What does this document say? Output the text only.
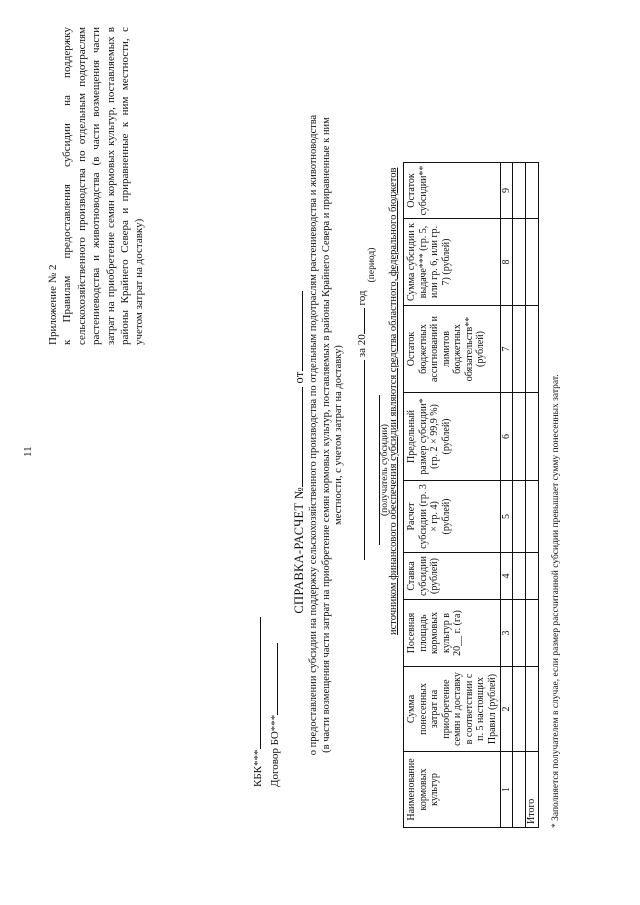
11

Приложение № 2 к Правилам предоставления субсидии на поддержку сельскохозяйственного производства по отдельным подотраслям растениеводства и животноводства (в части возмещения части затрат на приобретение семян кормовых культур, поставляемых в районы Крайнего Севера и приравненные к ним местности, с учетом затрат на доставку)

КБК*** Договор БО***
СПРАВКА-РАСЧЕТ № от о предоставлении субсидии на поддержку сельскохозяйственного производства по отдельным подотраслям растениеводства и животноводства (в части возмещения части затрат на приобретение семян кормовых культур, поставляемых в районы Крайнего Севера и приравненные к ним местности, с учетом затрат на доставку) за 20 год
(получатель субсидии)
(период) источником финансового обеспечения субсидии являются средства областного, федерального бюджетов
Наименование кормовых культур	Сумма понесенных затрат на приобретение семян и доставку в соответствии с п. 5 настоящих Правил (рублей)	Посевная площадь кормовых культур в 20__ г. (га)	Ставка субсидии (рублей)	Расчет субсидии (гр. 3 × гр. 4) (рублей)	Предельный размер субсидии* (гр. 2 × 99,9 %) (рублей)	Остаток бюджетных ассигнований и лимитов бюджетных обязательств** (рублей)	Сумма субсидии к выдаче*** (гр. 5, или гр. 6, или гр. 7) (рублей)	Остаток субсидии**
1	2	3	4	5	6	7	8	9

Итого								* Заполняется получателем в случае, если размер рассчитанной субсидии превышает сумму понесенных затрат.
